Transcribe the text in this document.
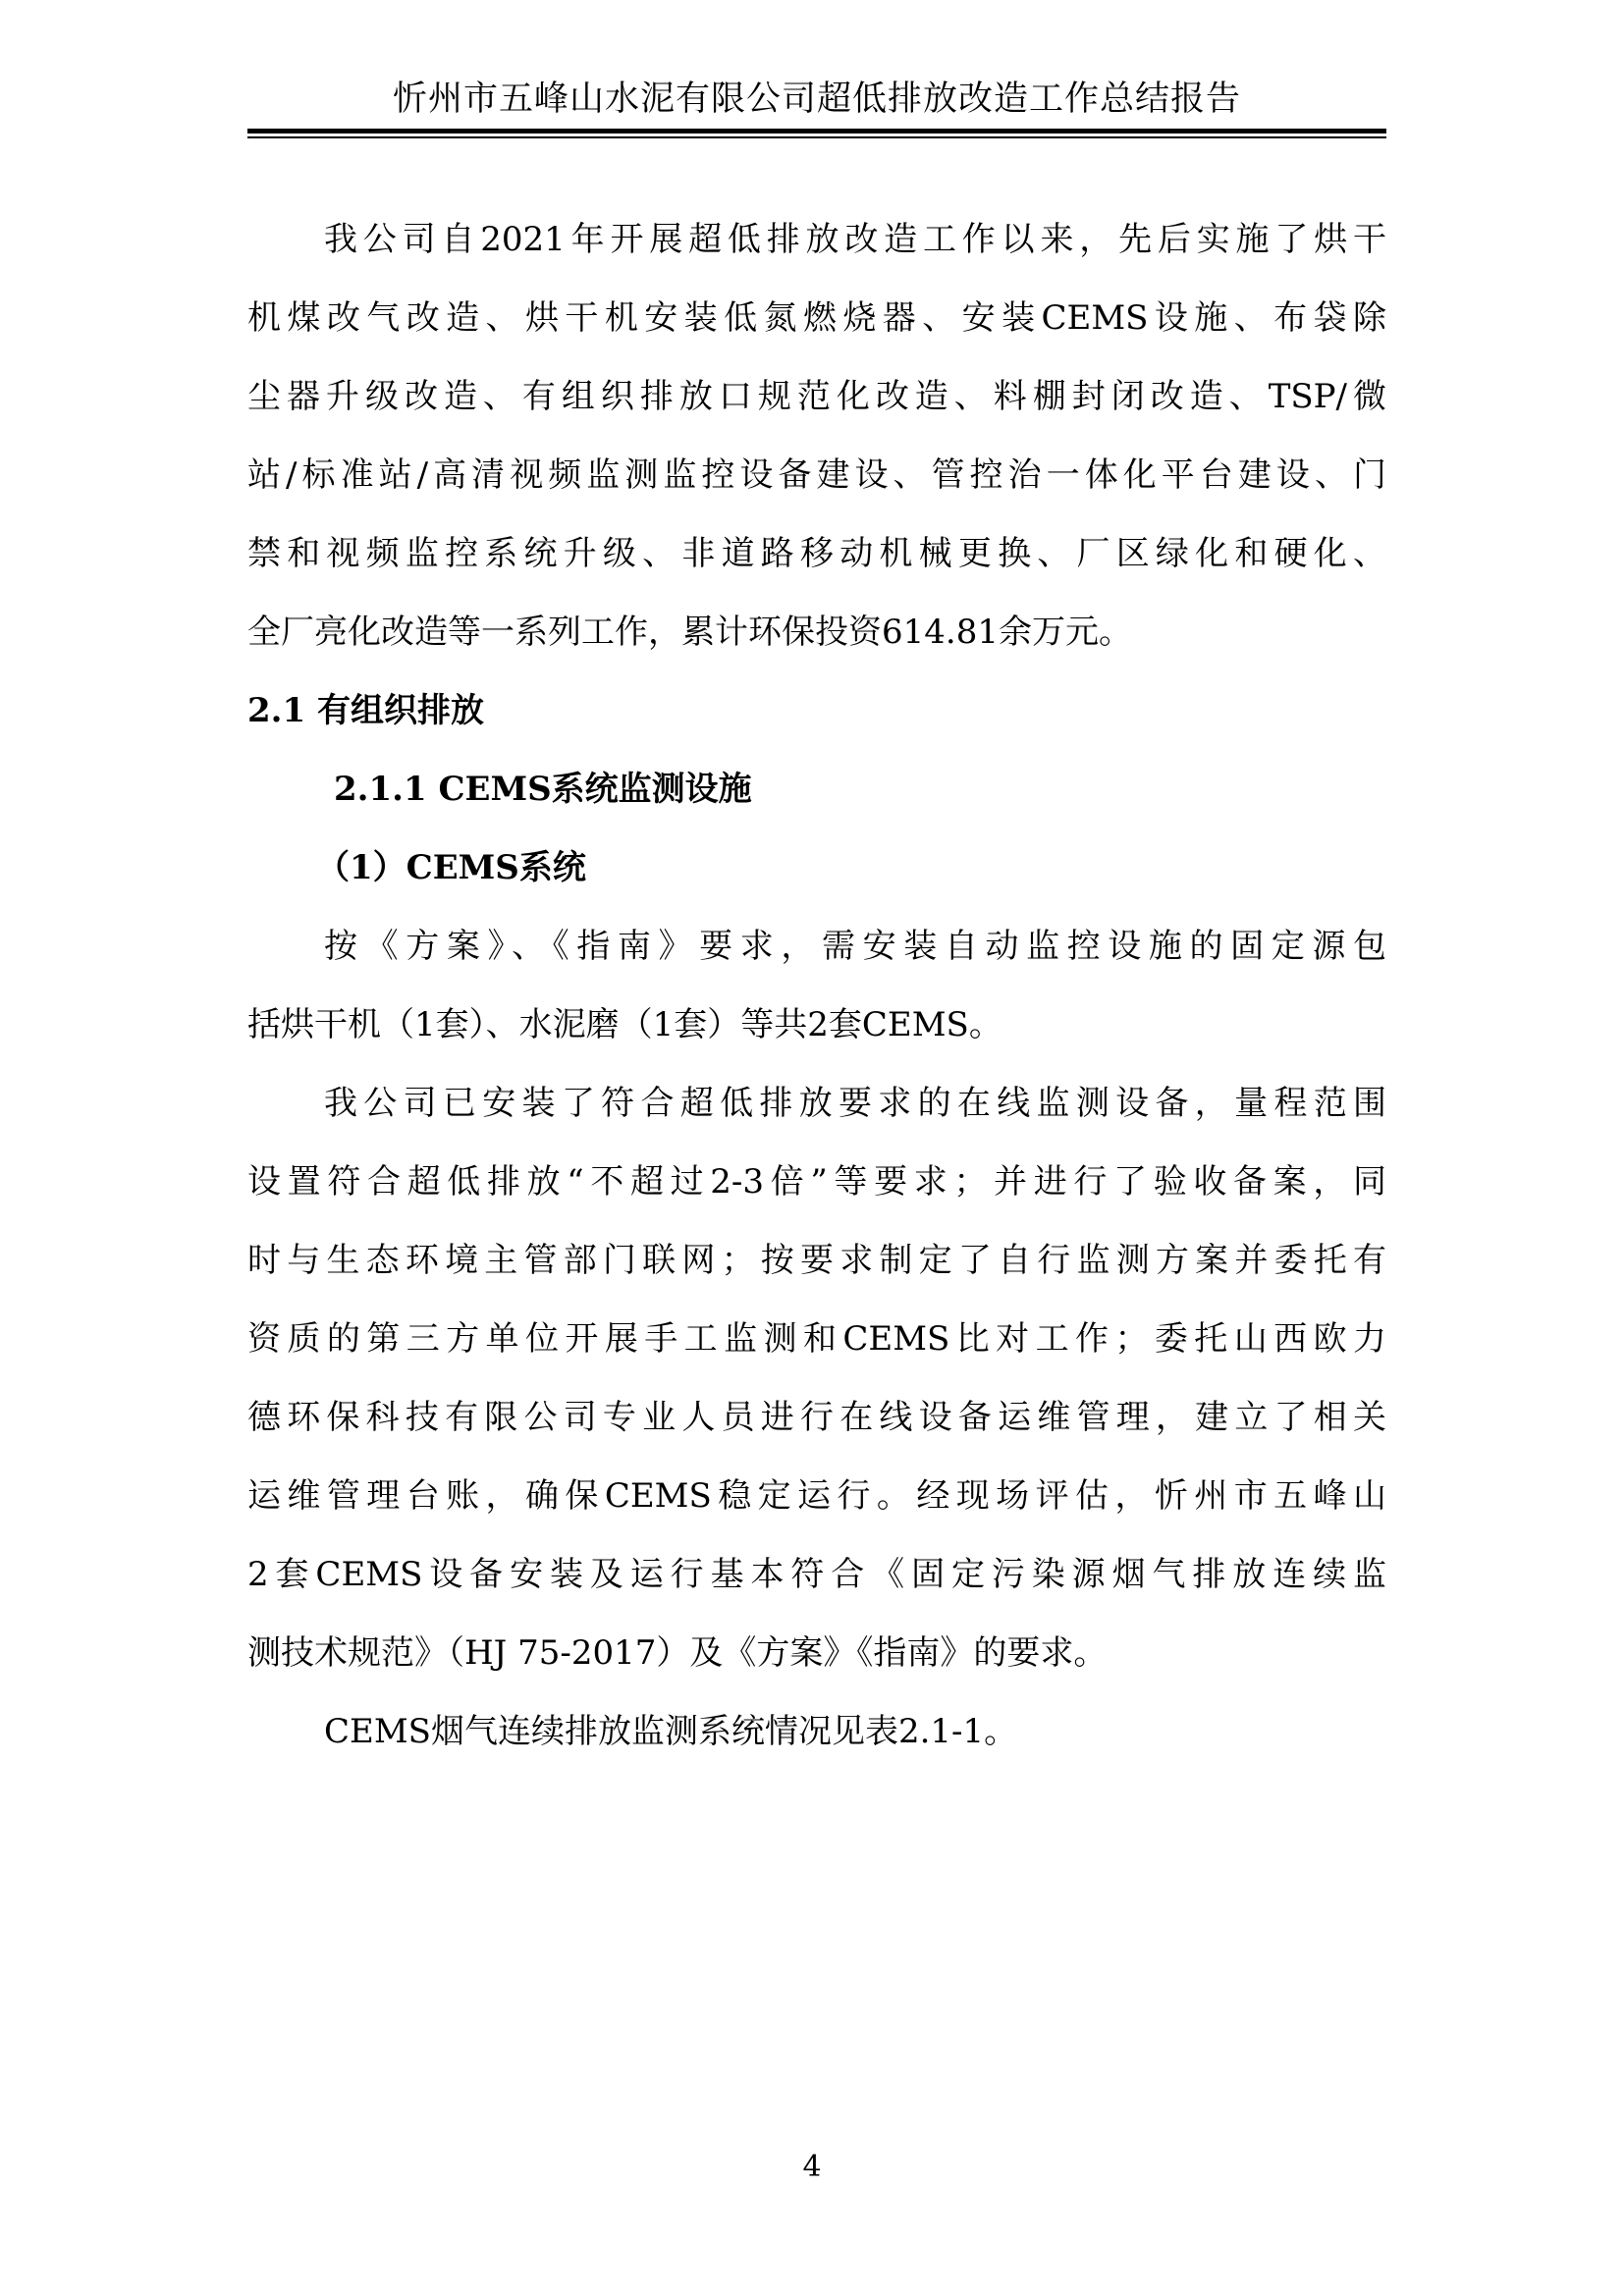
忻州市五峰山水泥有限公司超低排放改造工作总结报告
我公司自2021年开展超低排放改造工作以来，先后实施了烘干
机煤改气改造、烘干机安装低氮燃烧器、安装CEMS设施、布袋除
尘器升级改造、有组织排放口规范化改造、料棚封闭改造、TSP/微
站/标准站/高清视频监测监控设备建设、管控治一体化平台建设、门
禁和视频监控系统升级、非道路移动机械更换、厂区绿化和硬化、
全厂亮化改造等一系列工作，累计环保投资614.81余万元。
2.1 有组织排放
2.1.1 CEMS系统监测设施
（1）CEMS系统
按《方案》、《指南》要求，需安装自动监控设施的固定源包
括烘干机（1套）、水泥磨（1套）等共2套CEMS。
我公司已安装了符合超低排放要求的在线监测设备，量程范围
设置符合超低排放“不超过2-3倍”等要求；并进行了验收备案，同
时与生态环境主管部门联网；按要求制定了自行监测方案并委托有
资质的第三方单位开展手工监测和CEMS比对工作；委托山西欧力
德环保科技有限公司专业人员进行在线设备运维管理，建立了相关
运维管理台账，确保CEMS稳定运行。经现场评估，忻州市五峰山
2套CEMS设备安装及运行基本符合《固定污染源烟气排放连续监
测技术规范》（HJ 75-2017）及《方案》《指南》的要求。
CEMS烟气连续排放监测系统情况见表2.1-1。
4
